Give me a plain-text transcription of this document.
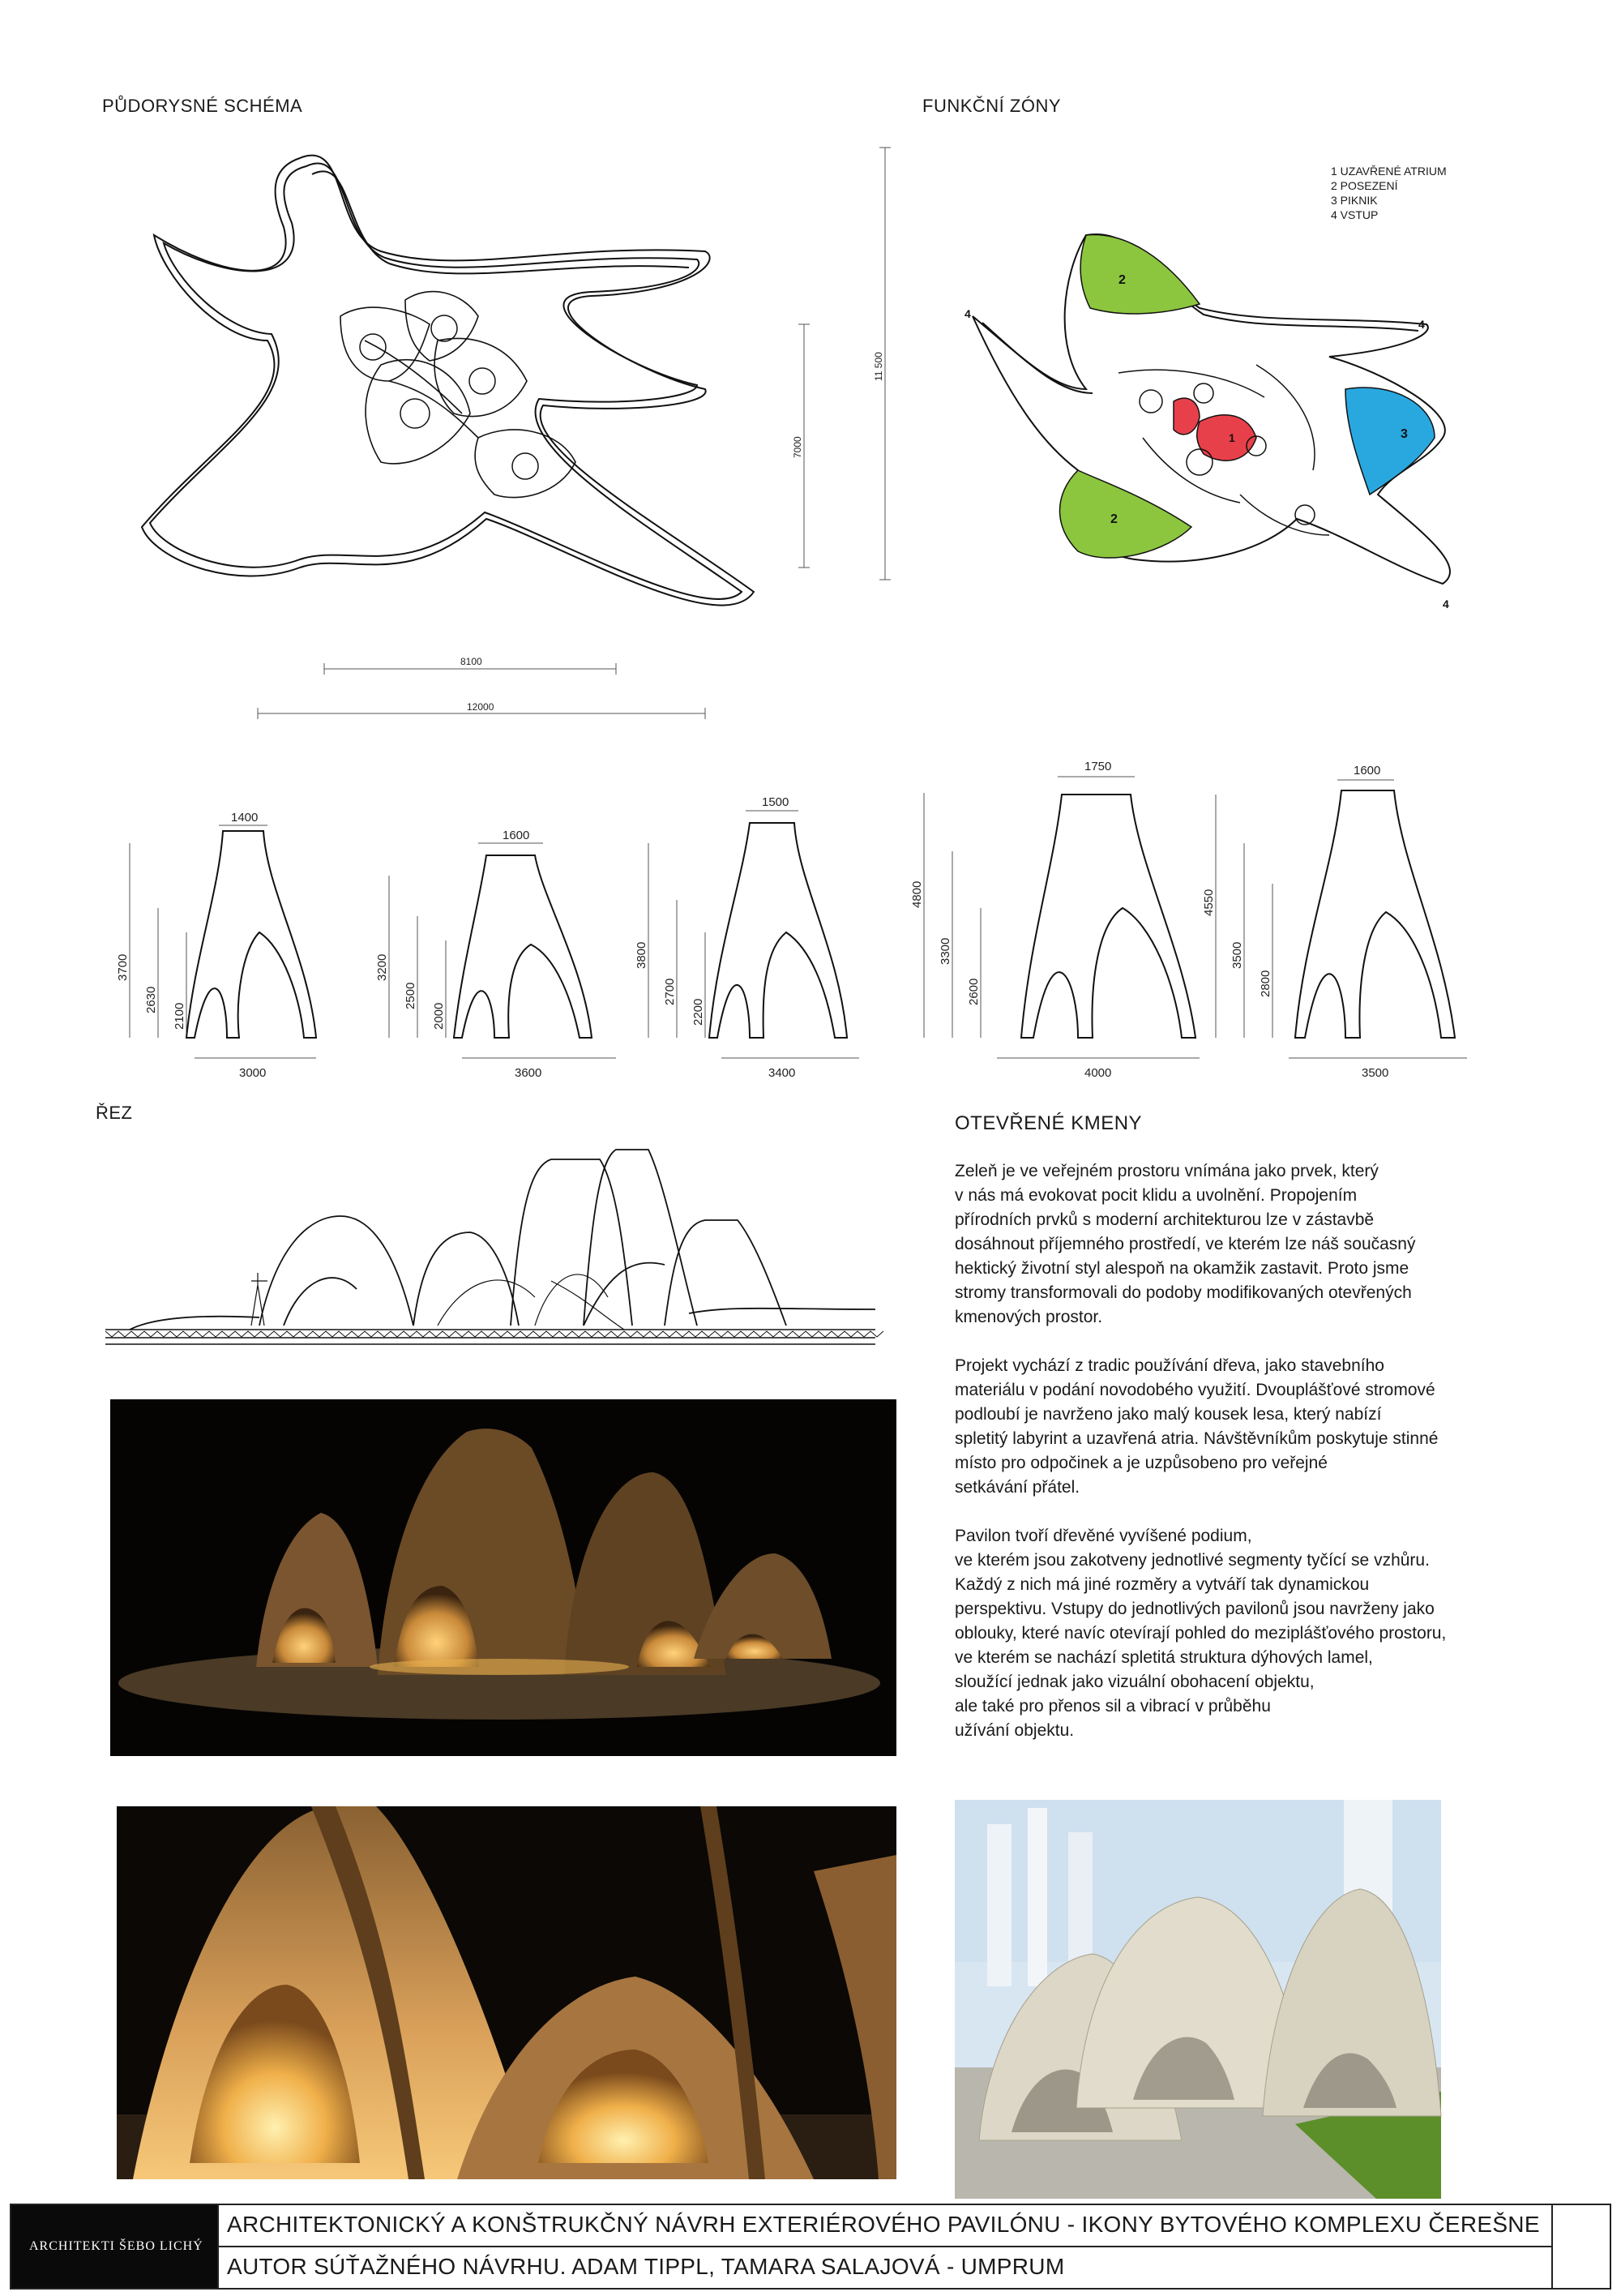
PŮDORYSNÉ SCHÉMA
8100
12000
7000
11 500
FUNKČNÍ ZÓNY
1 UZAVŘENÉ ATRIUM
2 POSEZENÍ
3 PIKNIK
4 VSTUP
2
2
3
1
4
4
4
1400
3700
2630
2100
3000
1600
3200
2500
2000
3600
1500
3800
2700
2200
3400
1750
4800
3300
2600
4000
1600
4550
3500
2800
3500
ŘEZ	OTEVŘENÉ KMENY

Zeleň je ve veřejném prostoru vnímána jako prvek, který
v nás má evokovat pocit klidu a uvolnění. Propojením
přírodních prvků s moderní architekturou lze v zástavbě
dosáhnout příjemného prostředí, ve kterém lze náš současný
hektický životní styl alespoň na okamžik zastavit. Proto jsme
stromy transformovali do podoby modifikovaných otevřených
kmenových prostor.

Projekt vychází z tradic používání dřeva, jako stavebního
materiálu v podání novodobého využití. Dvouplášťové stromové
podloubí je navrženo jako malý kousek lesa, který nabízí
spletitý labyrint a uzavřená atria. Návštěvníkům poskytuje stinné
místo pro odpočinek a je uzpůsobeno pro veřejné
setkávání přátel.

Pavilon tvoří dřevěné vyvíšené podium,
ve kterém jsou zakotveny jednotlivé segmenty tyčící se vzhůru.
Každý z nich má jiné rozměry a vytváří tak dynamickou
perspektivu. Vstupy do jednotlivých pavilonů jsou navrženy jako
oblouky, které navíc otevírají pohled do meziplášťového prostoru,
ve kterém se nachází spletitá struktura dýhových lamel,
sloužící jednak jako vizuální obohacení objektu,
ale také pro přenos sil a vibrací v průběhu
užívání objektu.

ARCHITEKTI ŠEBO LICHÝ
ARCHITEKTONICKÝ A KONŠTRUKČNÝ NÁVRH EXTERIÉROVÉHO PAVILÓNU - IKONY BYTOVÉHO KOMPLEXU ČEREŠNE
AUTOR SÚŤAŽNÉHO NÁVRHU. ADAM TIPPL, TAMARA SALAJOVÁ - UMPRUM
